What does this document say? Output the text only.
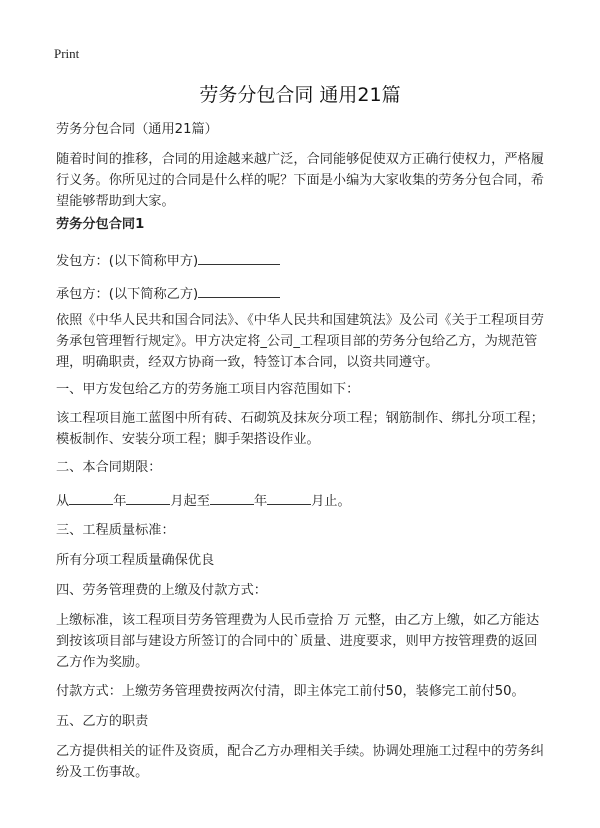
Print
劳务分包合同 通用21篇
劳务分包合同（通用21篇）
随着时间的推移，合同的用途越来越广泛，合同能够促使双方正确行使权力，严格履行义务。你所见过的合同是什么样的呢？下面是小编为大家收集的劳务分包合同，希望能够帮助到大家。
劳务分包合同1
发包方：(以下简称甲方)
承包方：(以下简称乙方)
依照《中华人民共和国合同法》、《中华人民共和国建筑法》及公司《关于工程项目劳务承包管理暂行规定》。甲方决定将_公司_工程项目部的劳务分包给乙方，为规范管理，明确职责，经双方协商一致，特签订本合同，以资共同遵守。
一、甲方发包给乙方的劳务施工项目内容范围如下：
该工程项目施工蓝图中所有砖、石砌筑及抹灰分项工程；钢筋制作、绑扎分项工程；模板制作、安装分项工程；脚手架搭设作业。
二、本合同期限：
从	年	月起至	年	月止。
三、工程质量标准：
所有分项工程质量确保优良
四、劳务管理费的上缴及付款方式：
上缴标准，该工程项目劳务管理费为人民币壹拾 万 元整，由乙方上缴，如乙方能达到按该项目部与建设方所签订的合同中的`质量、进度要求，则甲方按管理费的返回乙方作为奖励。
付款方式：上缴劳务管理费按两次付清，即主体完工前付50，装修完工前付50。
五、乙方的职责
乙方提供相关的证件及资质，配合乙方办理相关手续。协调处理施工过程中的劳务纠纷及工伤事故。
